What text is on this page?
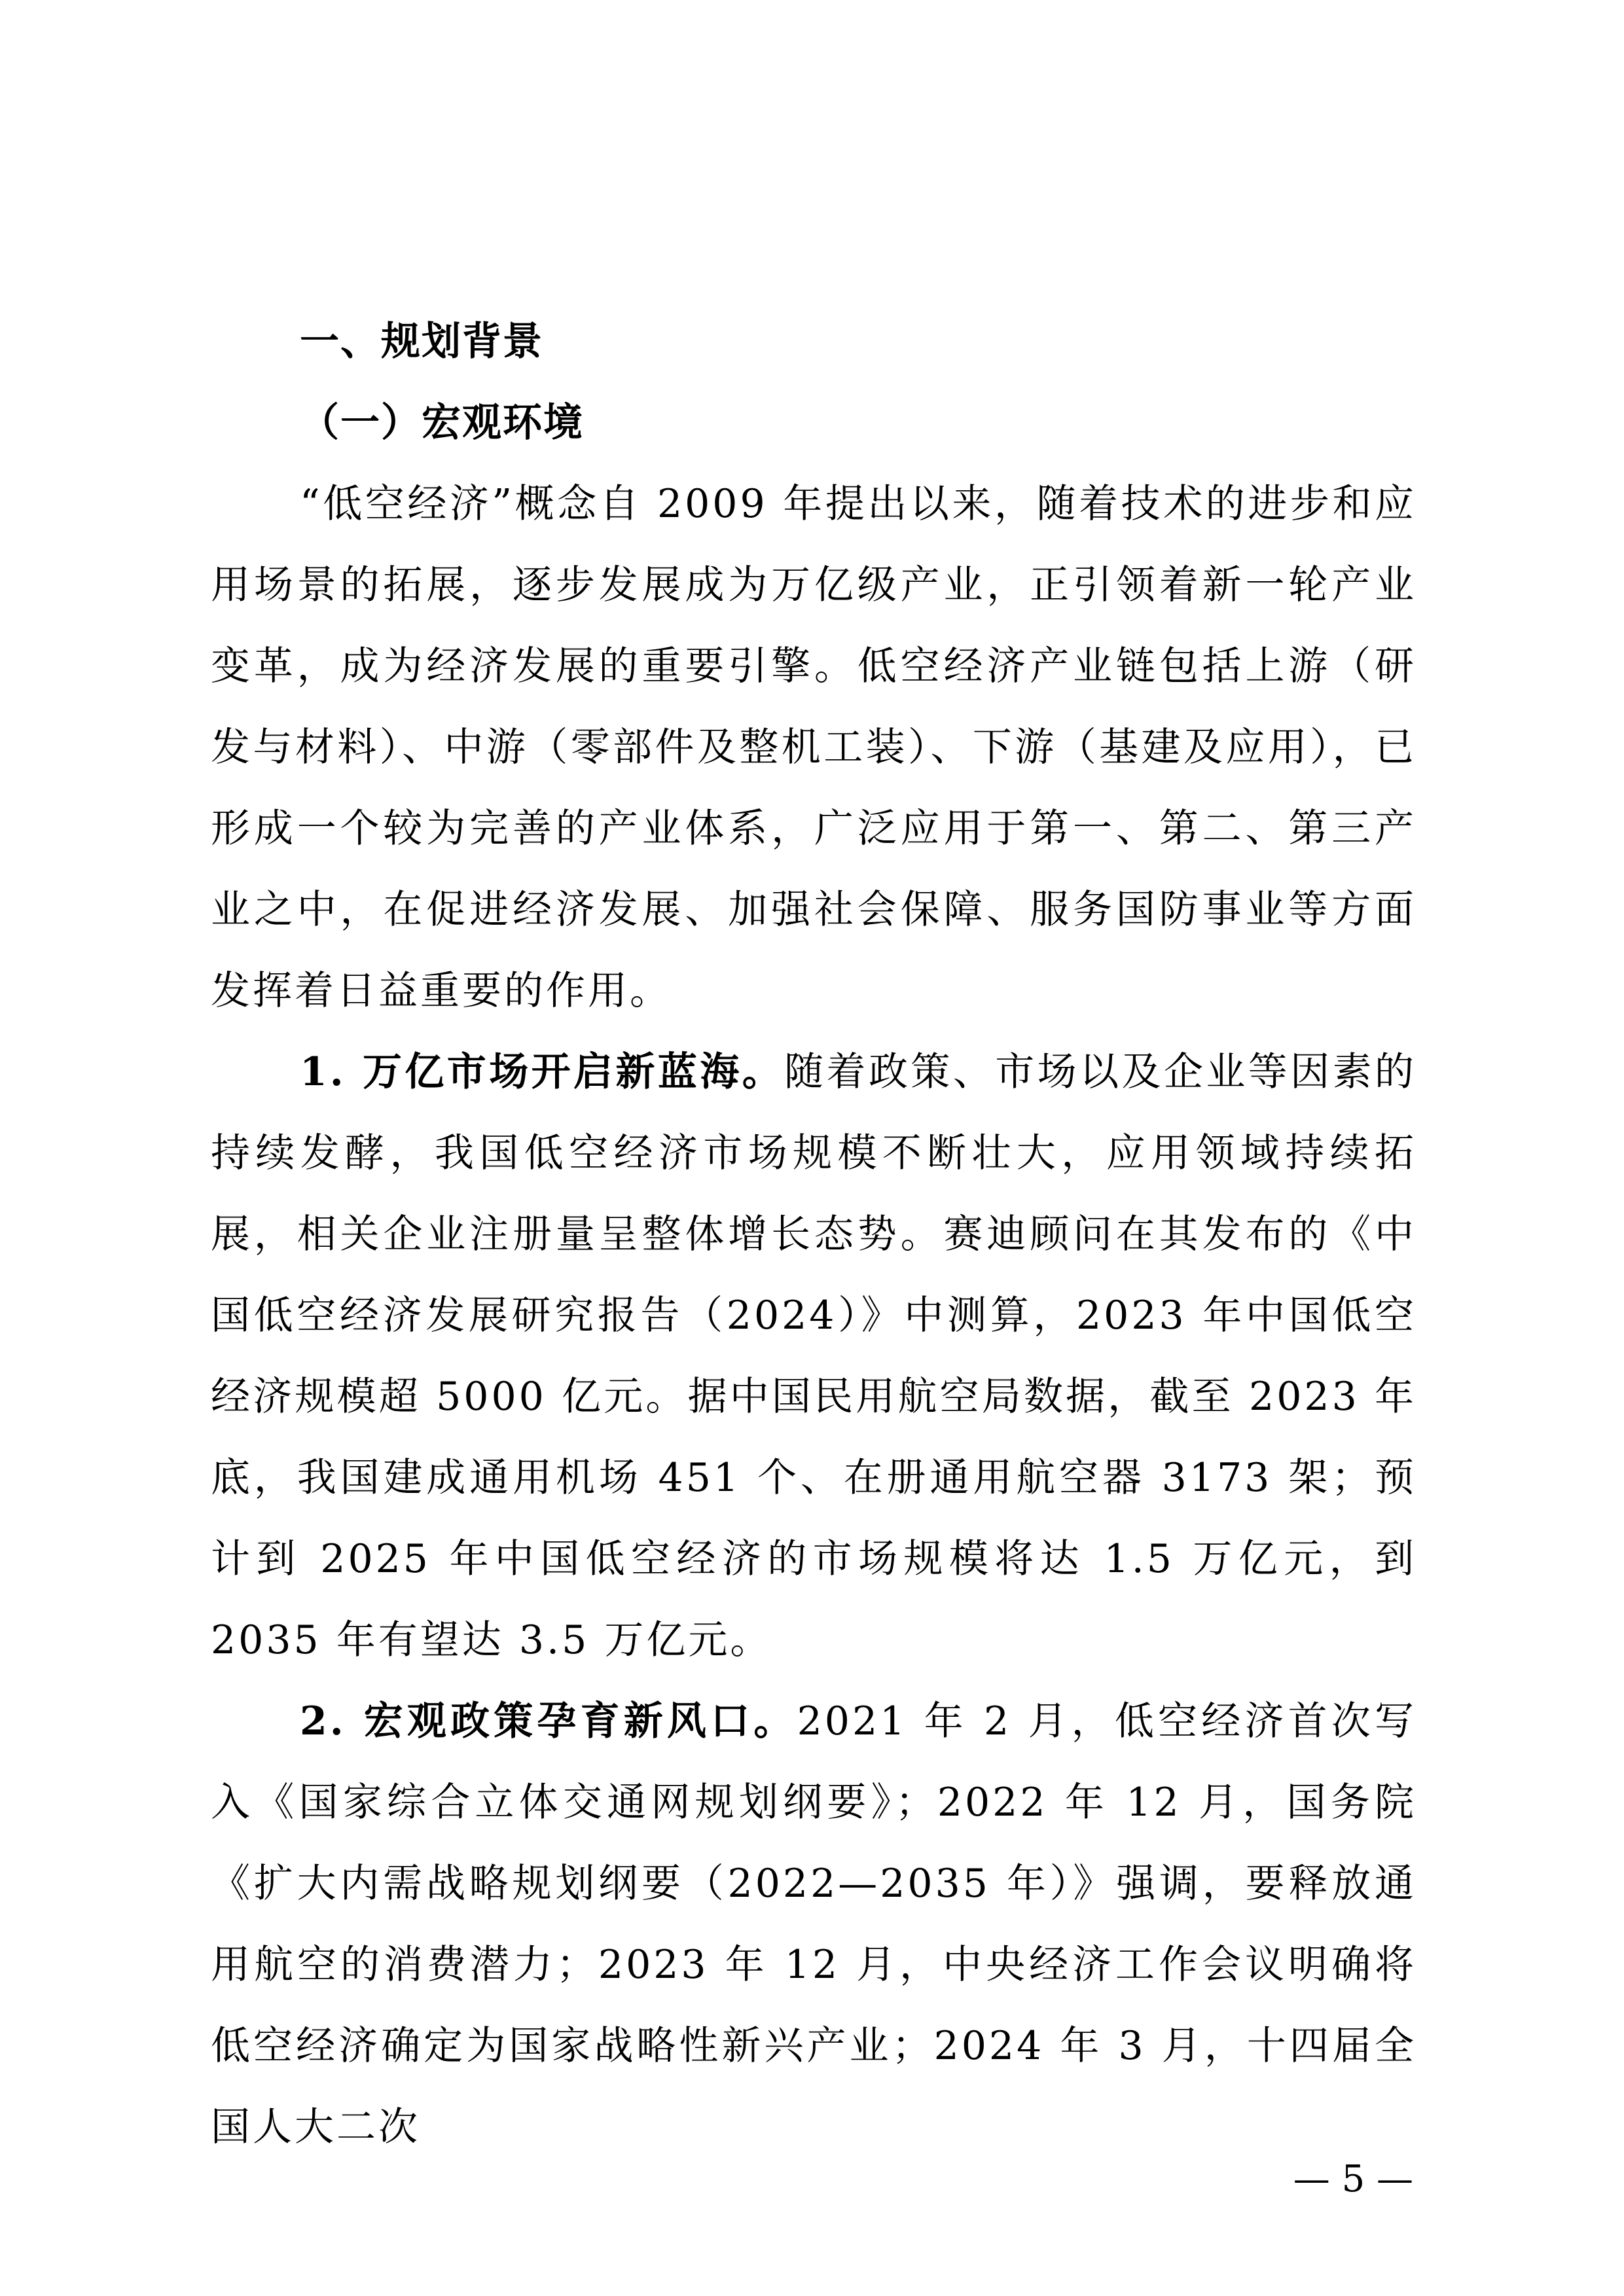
一、规划背景
（一）宏观环境

“低空经济”概念自 2009 年提出以来，随着技术的进步和应用场景的拓展，逐步发展成为万亿级产业，正引领着新一轮产业变革，成为经济发展的重要引擎。低空经济产业链包括上游（研发与材料）、中游（零部件及整机工装）、下游（基建及应用），已形成一个较为完善的产业体系，广泛应用于第一、第二、第三产业之中，在促进经济发展、加强社会保障、服务国防事业等方面发挥着日益重要的作用。

1. 万亿市场开启新蓝海。随着政策、市场以及企业等因素的持续发酵，我国低空经济市场规模不断壮大，应用领域持续拓展，相关企业注册量呈整体增长态势。赛迪顾问在其发布的《中国低空经济发展研究报告（2024）》中测算，2023 年中国低空经济规模超 5000 亿元。据中国民用航空局数据，截至 2023 年底，我国建成通用机场 451 个、在册通用航空器 3173 架；预计到 2025 年中国低空经济的市场规模将达 1.5 万亿元，到 2035 年有望达 3.5 万亿元。

2. 宏观政策孕育新风口。2021 年 2 月，低空经济首次写入《国家综合立体交通网规划纲要》；2022 年 12 月，国务院《扩大内需战略规划纲要（2022—2035 年）》强调，要释放通用航空的消费潜力；2023 年 12 月，中央经济工作会议明确将低空经济确定为国家战略性新兴产业；2024 年 3 月，十四届全国人大二次

— 5 —
